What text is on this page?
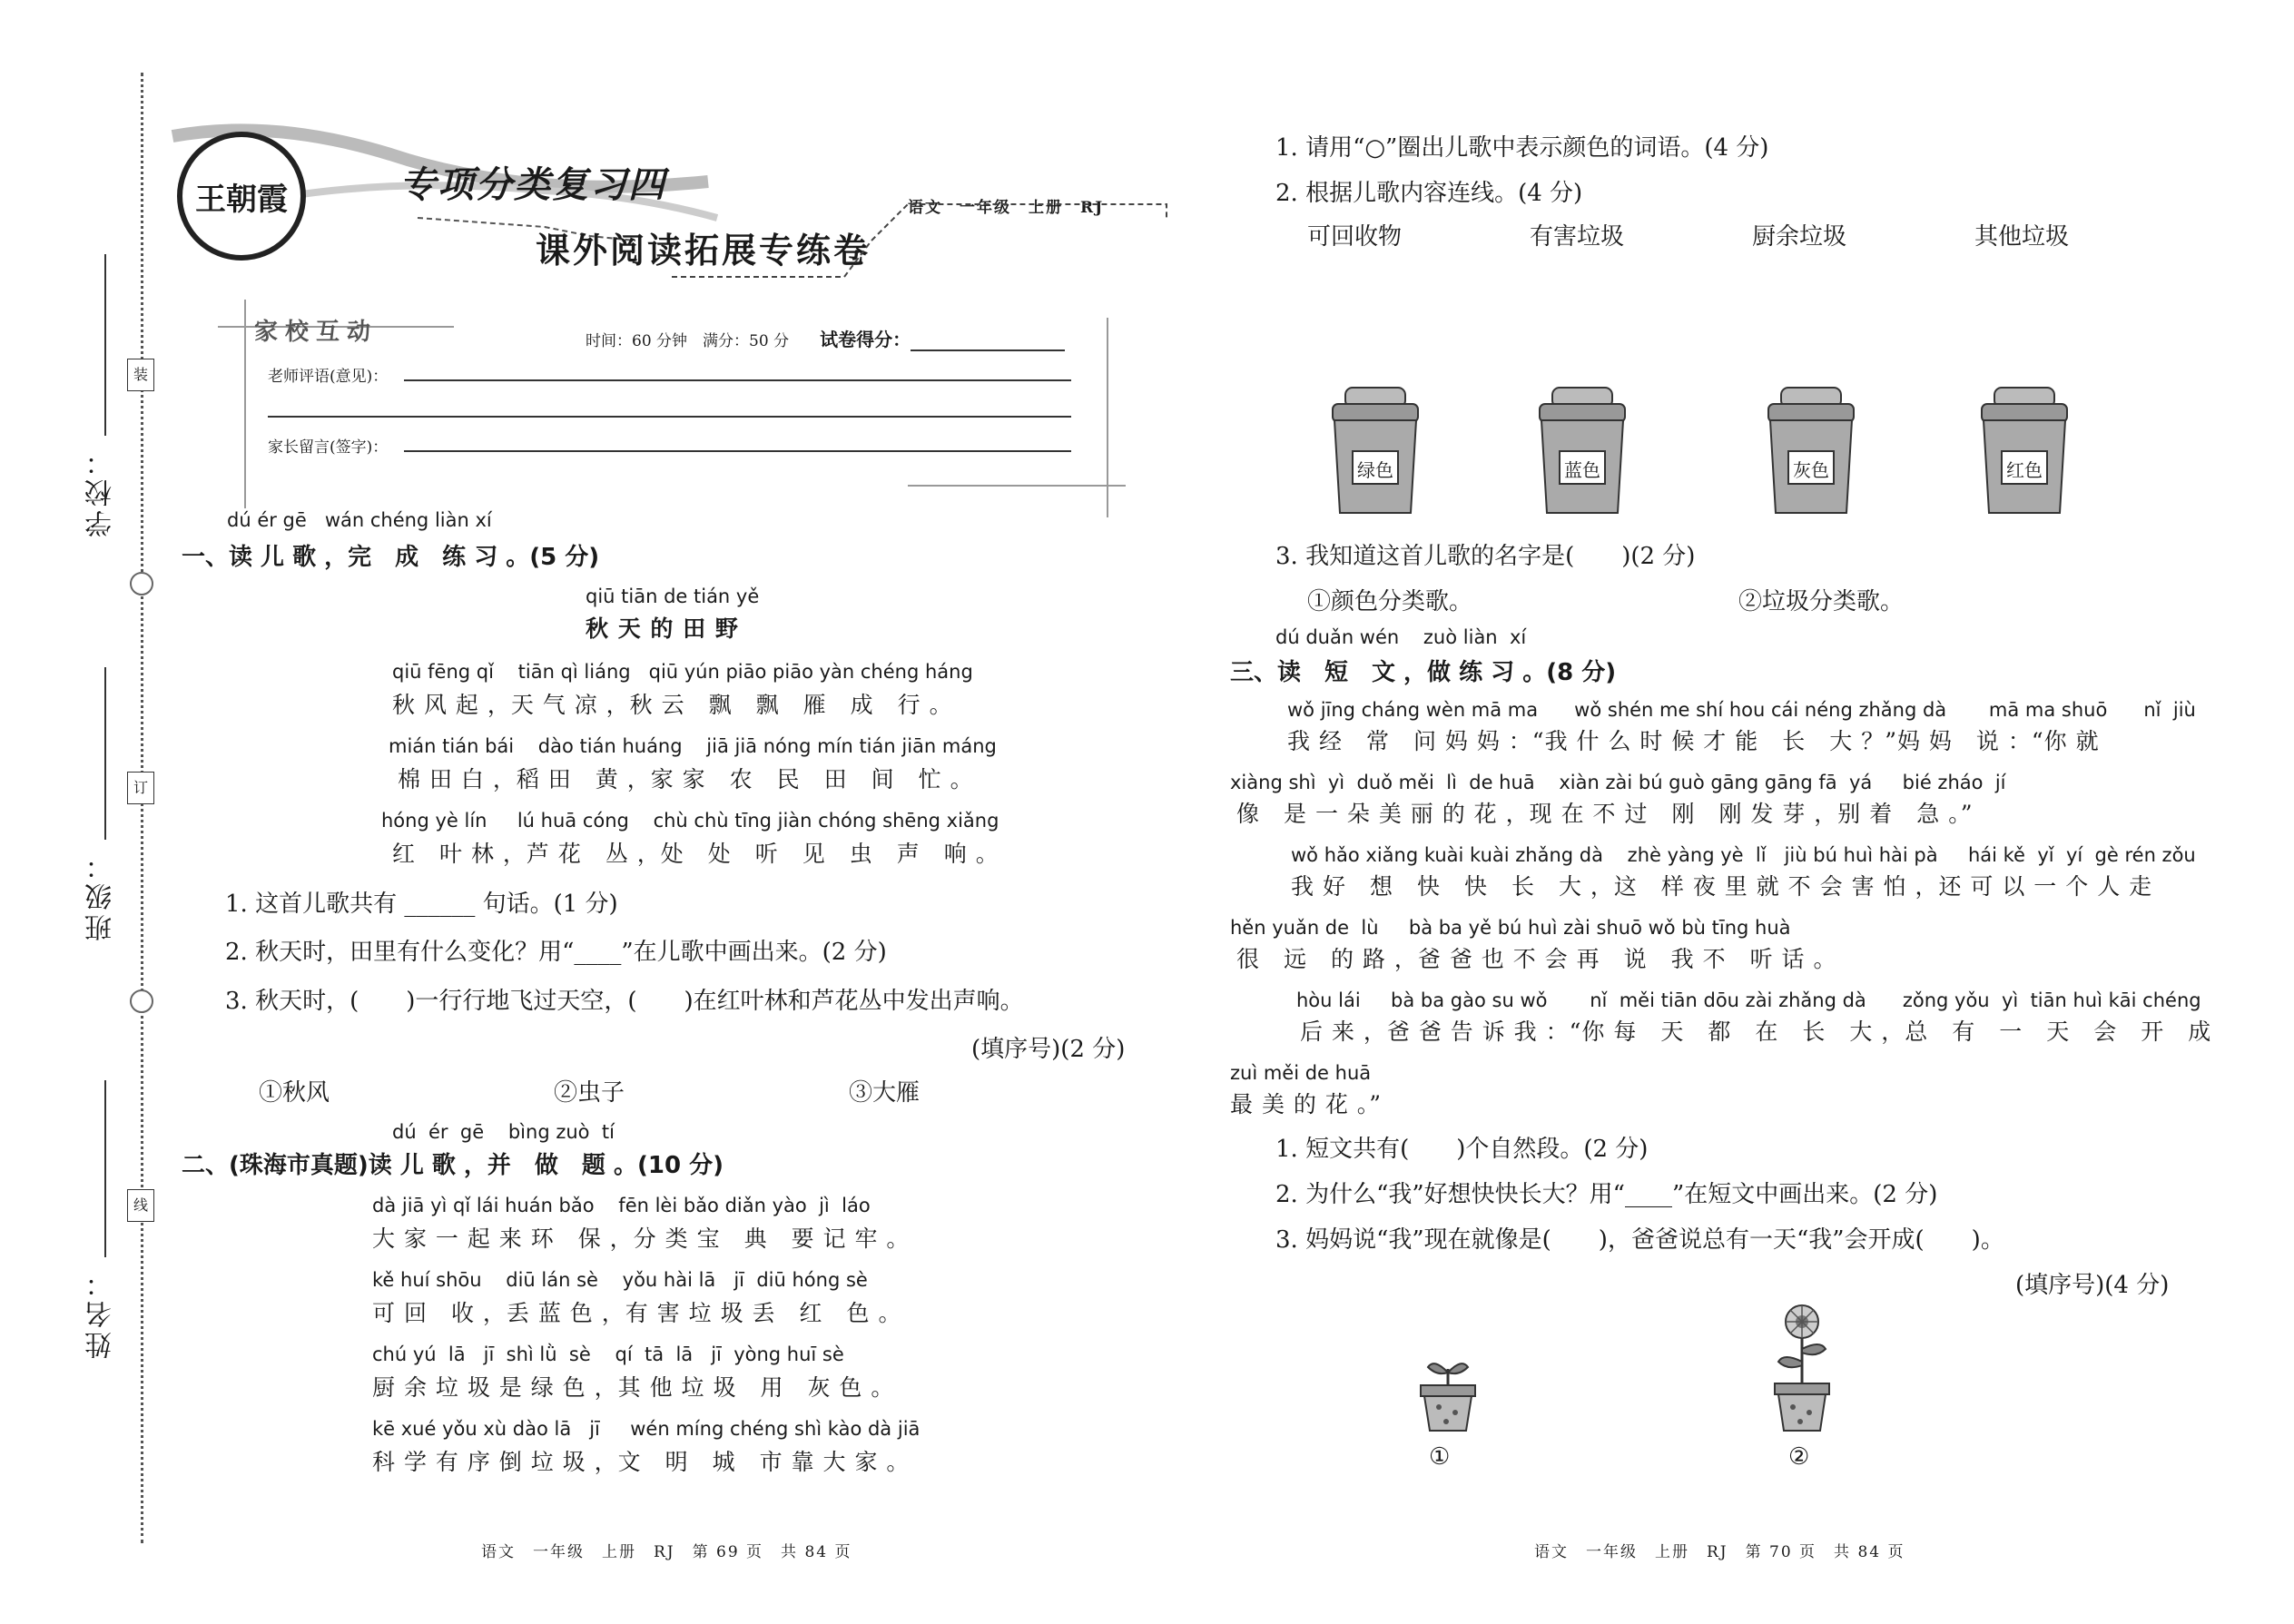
学校：
班级：
姓名：
装
订
线
王朝霞	专项分类复习四
课外阅读拓展专练卷
语文　一年级　上册　RJ
家校互动	时间：60 分钟　满分：50 分　　 试卷得分：
老师评语(意见)：
家长留言(签字)：
dú ér gē   wán chéng liàn xí
一、读 儿 歌 ，完　成　练 习 。(5 分)
qiū tiān de tián yě
秋 天 的 田 野
qiū fēng qǐ    tiān qì liáng   qiū yún piāo piāo yàn chéng háng
秋 风 起 ，天 气 凉 ，秋 云　飘　飘　雁　成　行 。
mián tián bái    dào tián huáng    jiā jiā nóng mín tián jiān máng
棉 田 白 ，稻 田　黄 ，家 家　农　民　田　间　忙 。
hóng yè lín     lú huā cóng    chù chù tīng jiàn chóng shēng xiǎng
红　叶 林 ，芦 花　丛 ，处　处　听　见　虫　声　响 。
1. 这首儿歌共有 ______ 句话。(1 分)
2. 秋天时，田里有什么变化？用“____”在儿歌中画出来。(2 分)
3. 秋天时，(　　)一行行地飞过天空，(　　)在红叶林和芦花丛中发出声响。
(填序号)(2 分)
①秋风	②虫子	③大雁
dú  ér  gē    bìng zuò  tí
二、(珠海市真题)读 儿 歌 ，并　做　题 。(10 分)
dà jiā yì qǐ lái huán bǎo    fēn lèi bǎo diǎn yào  jì  láo
大 家 一 起 来 环　保 ，分 类 宝　典　要 记 牢 。
kě huí shōu    diū lán sè    yǒu hài lā   jī  diū hóng sè
可 回　收 ，丢 蓝 色 ，有 害 垃 圾 丢　红　色 。
chú yú  lā   jī  shì lǜ  sè    qí  tā  lā   jī  yòng huī sè
厨 余 垃 圾 是 绿 色 ，其 他 垃 圾　用　灰 色 。
kē xué yǒu xù dào lā   jī     wén míng chéng shì kào dà jiā
科 学 有 序 倒 垃 圾 ，文　明　城　市 靠 大 家 。
1. 请用“○”圈出儿歌中表示颜色的词语。(4 分)
2. 根据儿歌内容连线。(4 分)
可回收物	有害垃圾	厨余垃圾	其他垃圾
绿色	蓝色	灰色	红色
3. 我知道这首儿歌的名字是(　　)(2 分)
①颜色分类歌。	②垃圾分类歌。
dú duǎn wén    zuò liàn  xí
三、读　短　文 ，做 练 习 。(8 分)
wǒ jīng cháng wèn mā ma      wǒ shén me shí hou cái néng zhǎng dà       mā ma shuō      nǐ  jiù
我 经　常　问 妈 妈 ：“我 什 么 时 候 才 能　长　大 ？”妈 妈　说 ：“你 就
xiàng shì  yì  duǒ měi  lì  de huā    xiàn zài bú guò gāng gāng fā  yá     bié zháo  jí
像　是 一 朵 美 丽 的 花 ，现 在 不 过　刚　刚 发 芽 ，别 着　急 。”
wǒ hǎo xiǎng kuài kuài zhǎng dà    zhè yàng yè  lǐ   jiù bú huì hài pà     hái kě  yǐ  yí  gè rén zǒu
我 好　想　快　快　长　大 ，这　样 夜 里 就 不 会 害 怕 ，还 可 以 一 个 人 走
hěn yuǎn de  lù     bà ba yě bú huì zài shuō wǒ bù tīng huà
很　远　的 路 ，爸 爸 也 不 会 再　说　我 不　听 话 。
hòu lái     bà ba gào su wǒ       nǐ  měi tiān dōu zài zhǎng dà      zǒng yǒu  yì  tiān huì kāi chéng
后 来 ，爸 爸 告 诉 我 ：“你 每　天　都　在　长　大 ，总　有　一　天　会　开　成
zuì měi de huā
最 美 的 花 。”
1. 短文共有(　　)个自然段。(2 分)
2. 为什么“我”好想快快长大？用“____”在短文中画出来。(2 分)
3. 妈妈说“我”现在就像是(　　)，爸爸说总有一天“我”会开成(　　)。
(填序号)(4 分)
①	②
语文　一年级　上册　RJ　第 69 页　共 84 页	语文　一年级　上册　RJ　第 70 页　共 84 页
